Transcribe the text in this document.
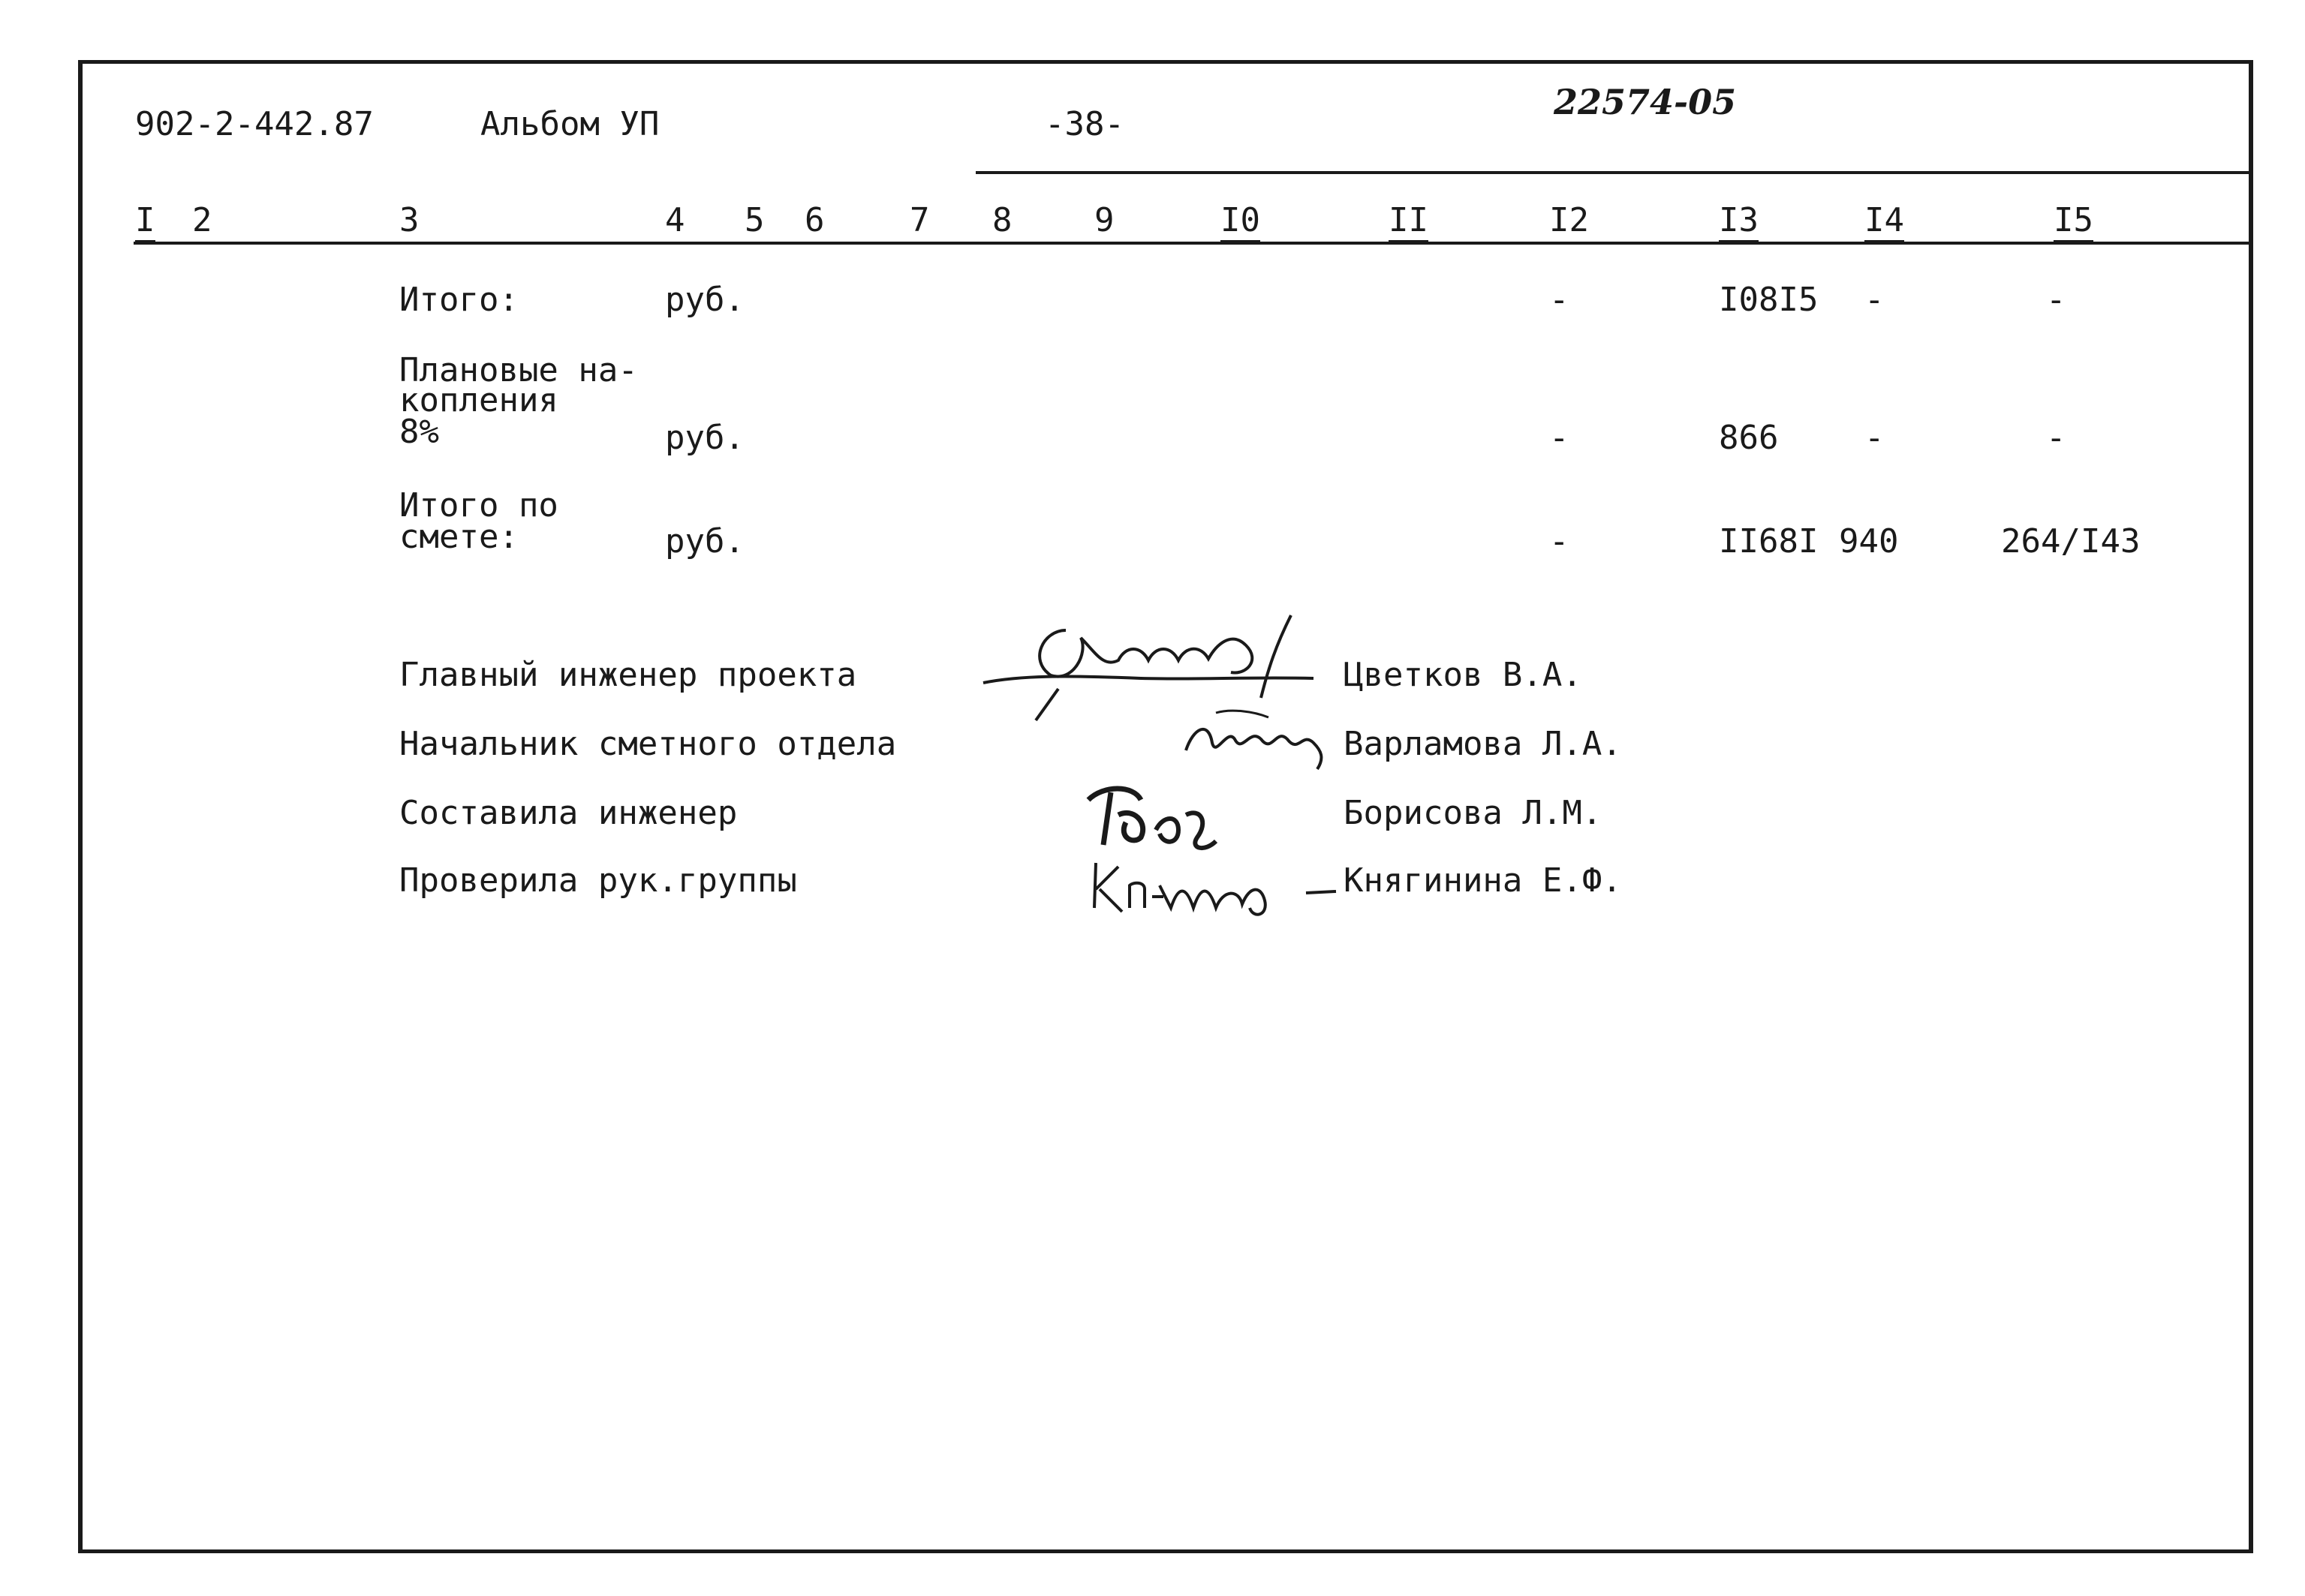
902-2-442.87	Альбом УП	-38-
22574-05
I 2	3	4 5 6	7 8 9	I0	II	I2	I3	I4	I5
Итого:	руб.	-	I08I5 -	-
Плановые на-
копления
8%	руб.	-	866	-	-
Итого по
смете:	руб.	-	II68I 940	264/I43
Главный инженер проекта	Цветков В.А.
Начальник сметного отдела	Варламова Л.А.
Составила инженер	Борисова Л.М.
Проверила рук.группы	Княгинина Е.Ф.
